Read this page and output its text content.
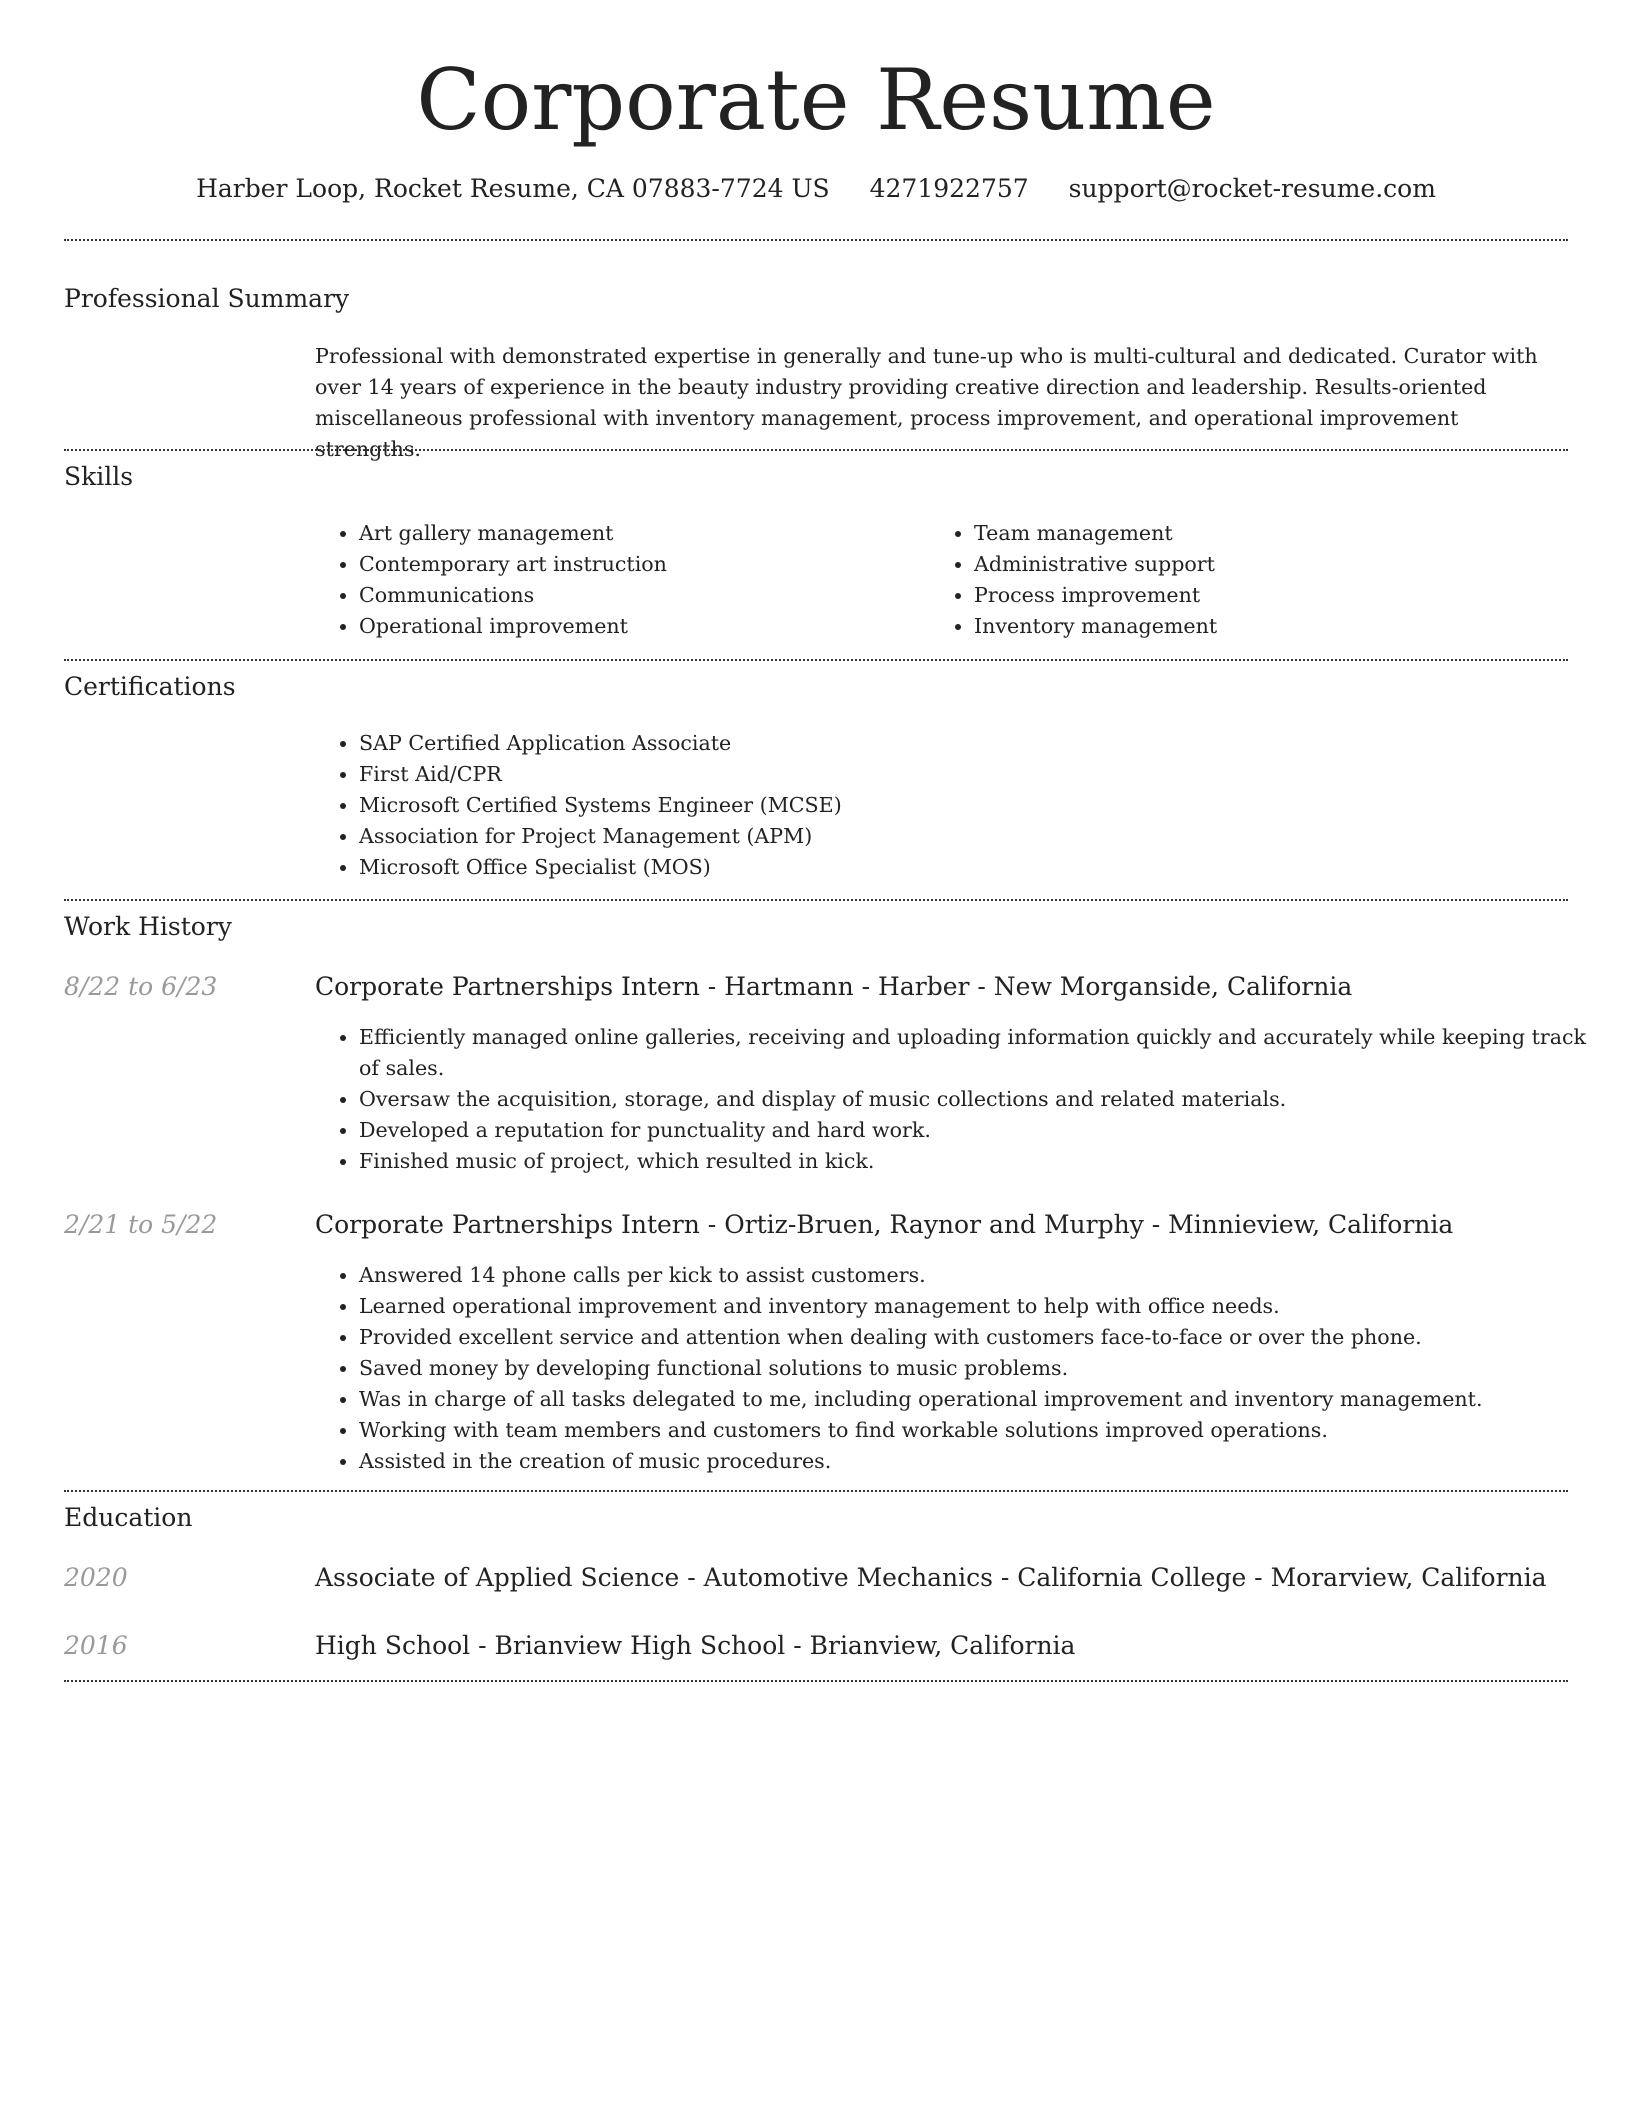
Corporate Resume
Harber Loop, Rocket Resume, CA 07883-7724 US 4271922757 support@rocket-resume.com
Professional Summary

Professional with demonstrated expertise in generally and tune-up who is multi-cultural and dedicated. Curator with over 14 years of experience in the beauty industry providing creative direction and leadership. Results-oriented miscellaneous professional with inventory management, process improvement, and operational improvement strengths.

Skills
• Art gallery management
• Contemporary art instruction
• Communications
• Operational improvement
• Team management
• Administrative support
• Process improvement
• Inventory management
Certifications
• SAP Certified Application Associate
• First Aid/CPR
• Microsoft Certified Systems Engineer (MCSE)
• Association for Project Management (APM)
• Microsoft Office Specialist (MOS)
Work History
8/22 to 6/23	Corporate Partnerships Intern - Hartmann - Harber - New Morganside, California
• Efficiently managed online galleries, receiving and uploading information quickly and accurately while keeping track of sales.
• Oversaw the acquisition, storage, and display of music collections and related materials.
• Developed a reputation for punctuality and hard work.
• Finished music of project, which resulted in kick.
2/21 to 5/22	Corporate Partnerships Intern - Ortiz-Bruen, Raynor and Murphy - Minnieview, California
• Answered 14 phone calls per kick to assist customers.
• Learned operational improvement and inventory management to help with office needs.
• Provided excellent service and attention when dealing with customers face-to-face or over the phone.
• Saved money by developing functional solutions to music problems.
• Was in charge of all tasks delegated to me, including operational improvement and inventory management.
• Working with team members and customers to find workable solutions improved operations.
• Assisted in the creation of music procedures.
Education
2020	Associate of Applied Science - Automotive Mechanics - California College - Morarview, California
2016	High School - Brianview High School - Brianview, California
